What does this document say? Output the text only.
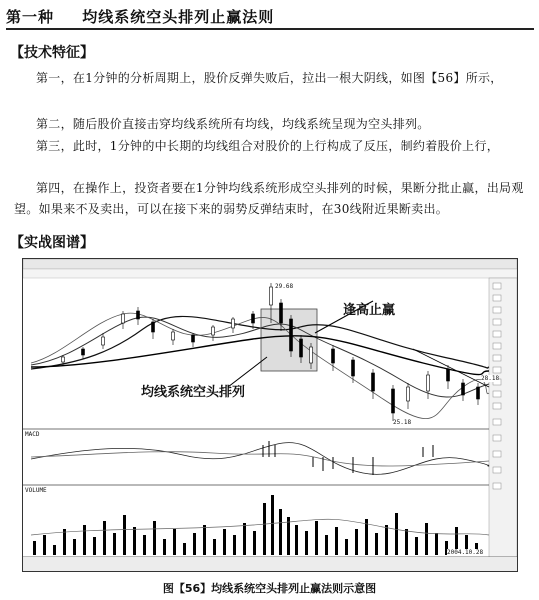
第一种 均线系统空头排列止赢法则
【技术特征】
第一，在1分钟的分析周期上，股价反弹失败后，拉出一根大阴线，如图【56】所示，
第二，随后股价直接击穿均线系统所有均线，均线系统呈现为空头排列。
第三，此时，1分钟的中长期的均线组合对股价的上行构成了反压，制约着股价上行，
第四，在操作上，投资者要在1分钟均线系统形成空头排列的时候，果断分批止赢，出局观望。如果来不及卖出，可以在接下来的弱势反弹结束时，在30线附近果断卖出。
【实战图谱】
逢高止赢
均线系统空头排列
29.68
28.18
25.18
MACD
VOLUME
2004.10.28
图【56】均线系统空头排列止赢法则示意图
